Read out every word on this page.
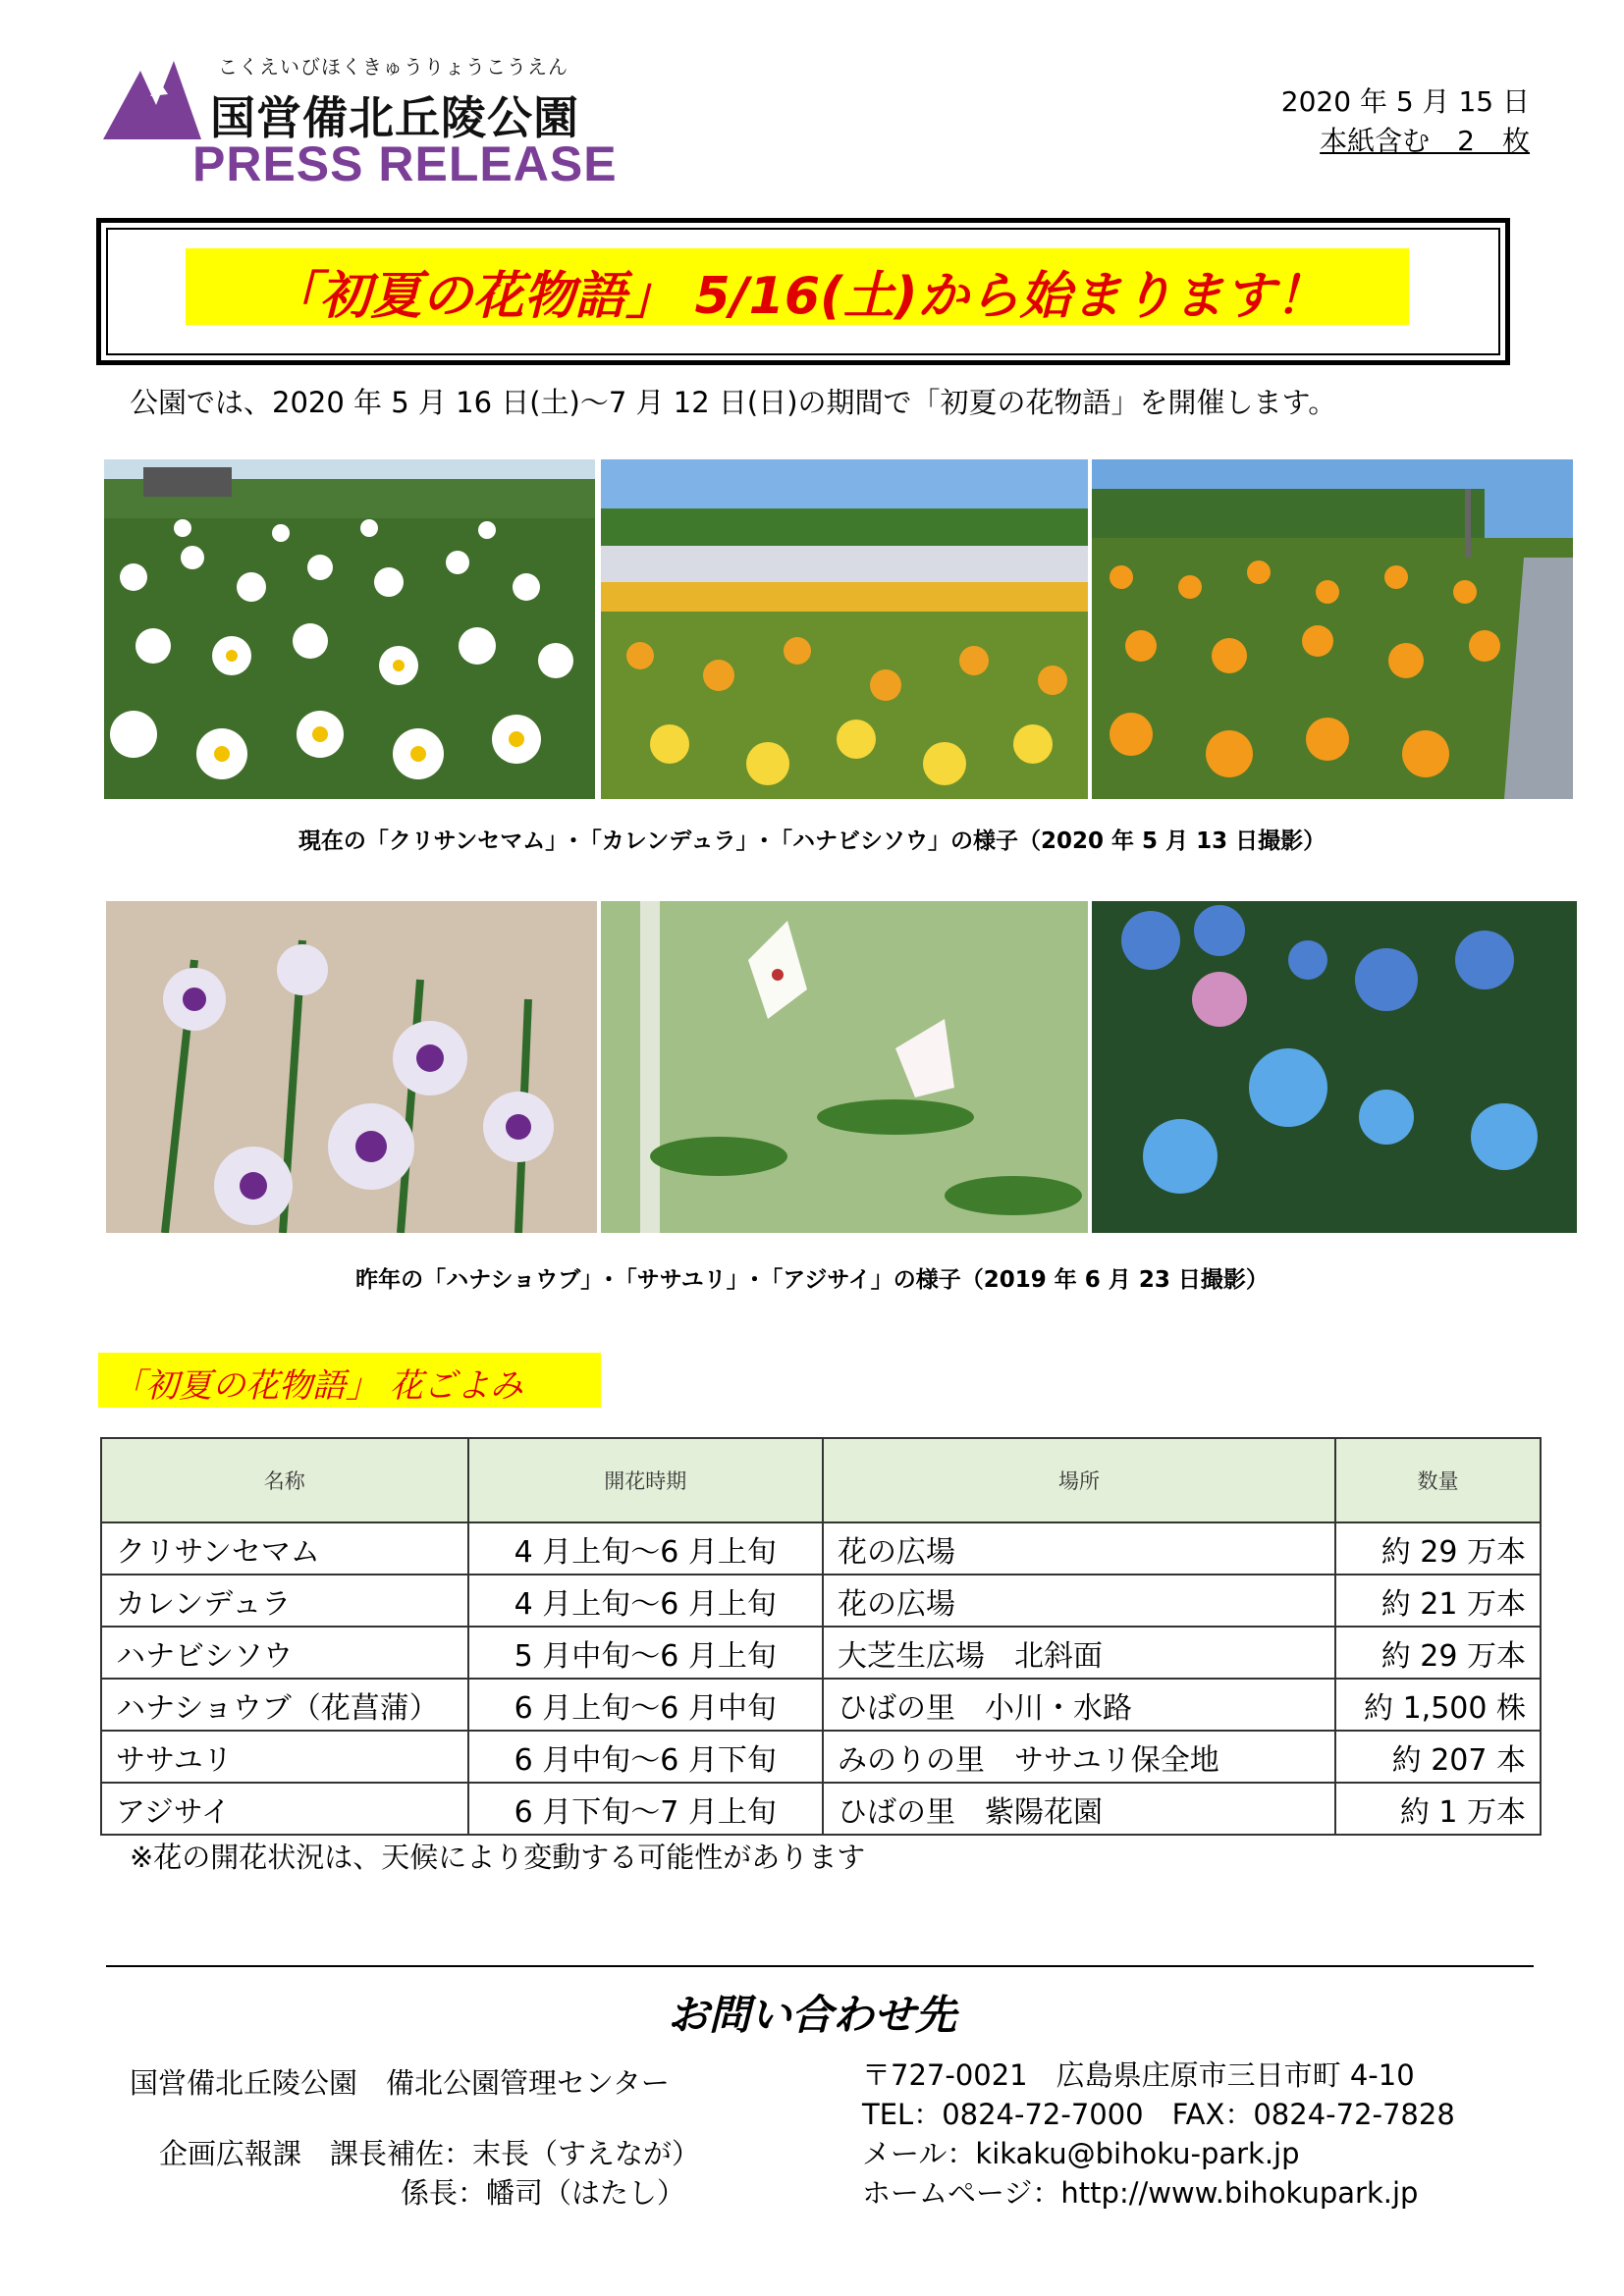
こくえいびほくきゅうりょうこうえん
国営備北丘陵公園
PRESS RELEASE
2020 年 5 月 15 日
本紙含む　2　枚
「初夏の花物語」 5/16(土)から始まります！
公園では、2020 年 5 月 16 日(土)～7 月 12 日(日)の期間で「初夏の花物語」を開催します。
現在の「クリサンセマム」･「カレンデュラ」･「ハナビシソウ」の様子（2020 年 5 月 13 日撮影）
昨年の「ハナショウブ」･「ササユリ」･「アジサイ」の様子（2019 年 6 月 23 日撮影）
「初夏の花物語」 花ごよみ
名称	開花時期	場所	数量
クリサンセマム	4 月上旬～6 月上旬	花の広場	約 29 万本
カレンデュラ	4 月上旬～6 月上旬	花の広場	約 21 万本
ハナビシソウ	5 月中旬～6 月上旬	大芝生広場　北斜面	約 29 万本
ハナショウブ（花菖蒲）	6 月上旬～6 月中旬	ひばの里　小川・水路	約 1,500 株
ササユリ	6 月中旬～6 月下旬	みのりの里　ササユリ保全地	約 207 本
アジサイ	6 月下旬～7 月上旬	ひばの里　紫陽花園	約 1 万本
※花の開花状況は、天候により変動する可能性があります
お問い合わせ先
国営備北丘陵公園　備北公園管理センター
企画広報課　課長補佐：末長（すえなが）
係長：幡司（はたし）
〒727-0021　広島県庄原市三日市町 4-10
TEL：0824-72-7000　FAX：0824-72-7828
メール：kikaku@bihoku-park.jp
ホームページ：http://www.bihokupark.jp
